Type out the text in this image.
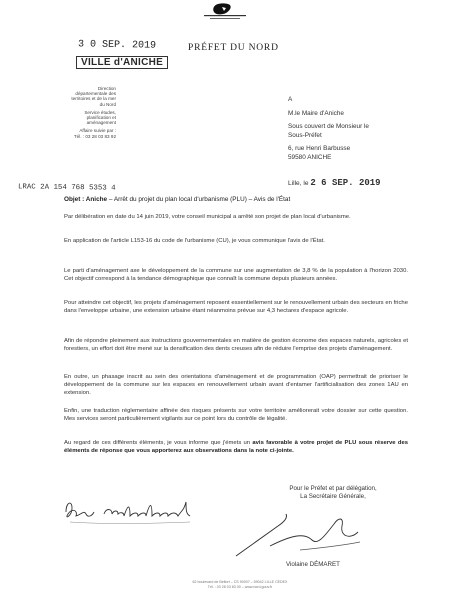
3 0 SEP. 2019
VILLE d'ANICHE
PRÉFET DU NORD

Direction
départementale des
territoires et de la mer
du Nord

Service études,
planification et
aménagement

Affaire suivie par :
Tél. : 03 28 03 83 92

LRAC 2A 154 768 5353 4
A
M.le Maire d'Aniche
Sous couvert de Monsieur le
Sous-Préfet
6, rue Henri Barbusse
59580 ANICHE
Lille, le 2 6 SEP. 2019
Objet : Aniche – Arrêt du projet du plan local d'urbanisme (PLU) – Avis de l'État
Par délibération en date du 14 juin 2019, votre conseil municipal a arrêté son projet de plan local d'urbanisme.
En application de l'article L153-16 du code de l'urbanisme (CU), je vous communique l'avis de l'État.
Le parti d'aménagement axe le développement de la commune sur une augmentation de 3,8 % de la population à l'horizon 2030. Cet objectif correspond à la tendance démographique que connaît la commune depuis plusieurs années.
Pour atteindre cet objectif, les projets d'aménagement reposent essentiellement sur le renouvellement urbain des secteurs en friche dans l'enveloppe urbaine, une extension urbaine étant néanmoins prévue sur 4,3 hectares d'espace agricole.
Afin de répondre pleinement aux instructions gouvernementales en matière de gestion économe des espaces naturels, agricoles et forestiers, un effort doit être mené sur la densification des dents creuses afin de réduire l'emprise des projets d'aménagement.
En outre, un phasage inscrit au sein des orientations d'aménagement et de programmation (OAP) permettrait de prioriser le développement de la commune sur les espaces en renouvellement urbain avant d'entamer l'artificialisation des zones 1AU en extension.
Enfin, une traduction réglementaire affinée des risques présents sur votre territoire améliorerait votre dossier sur cette question. Mes services seront particulièrement vigilants sur ce point lors du contrôle de légalité.
Au regard de ces différents éléments, je vous informe que j'émets un avis favorable à votre projet de PLU sous réserve des éléments de réponse que vous apporterez aux observations dans la note ci-jointe.
Pour le Préfet et par délégation,
La Secrétaire Générale,
Violaine DÉMARET
62 boulevard de Belfort – CS 90007 – 59042 LILLE CEDEX
Tél. : 03 28 03 83 00 – www.nord.gouv.fr
